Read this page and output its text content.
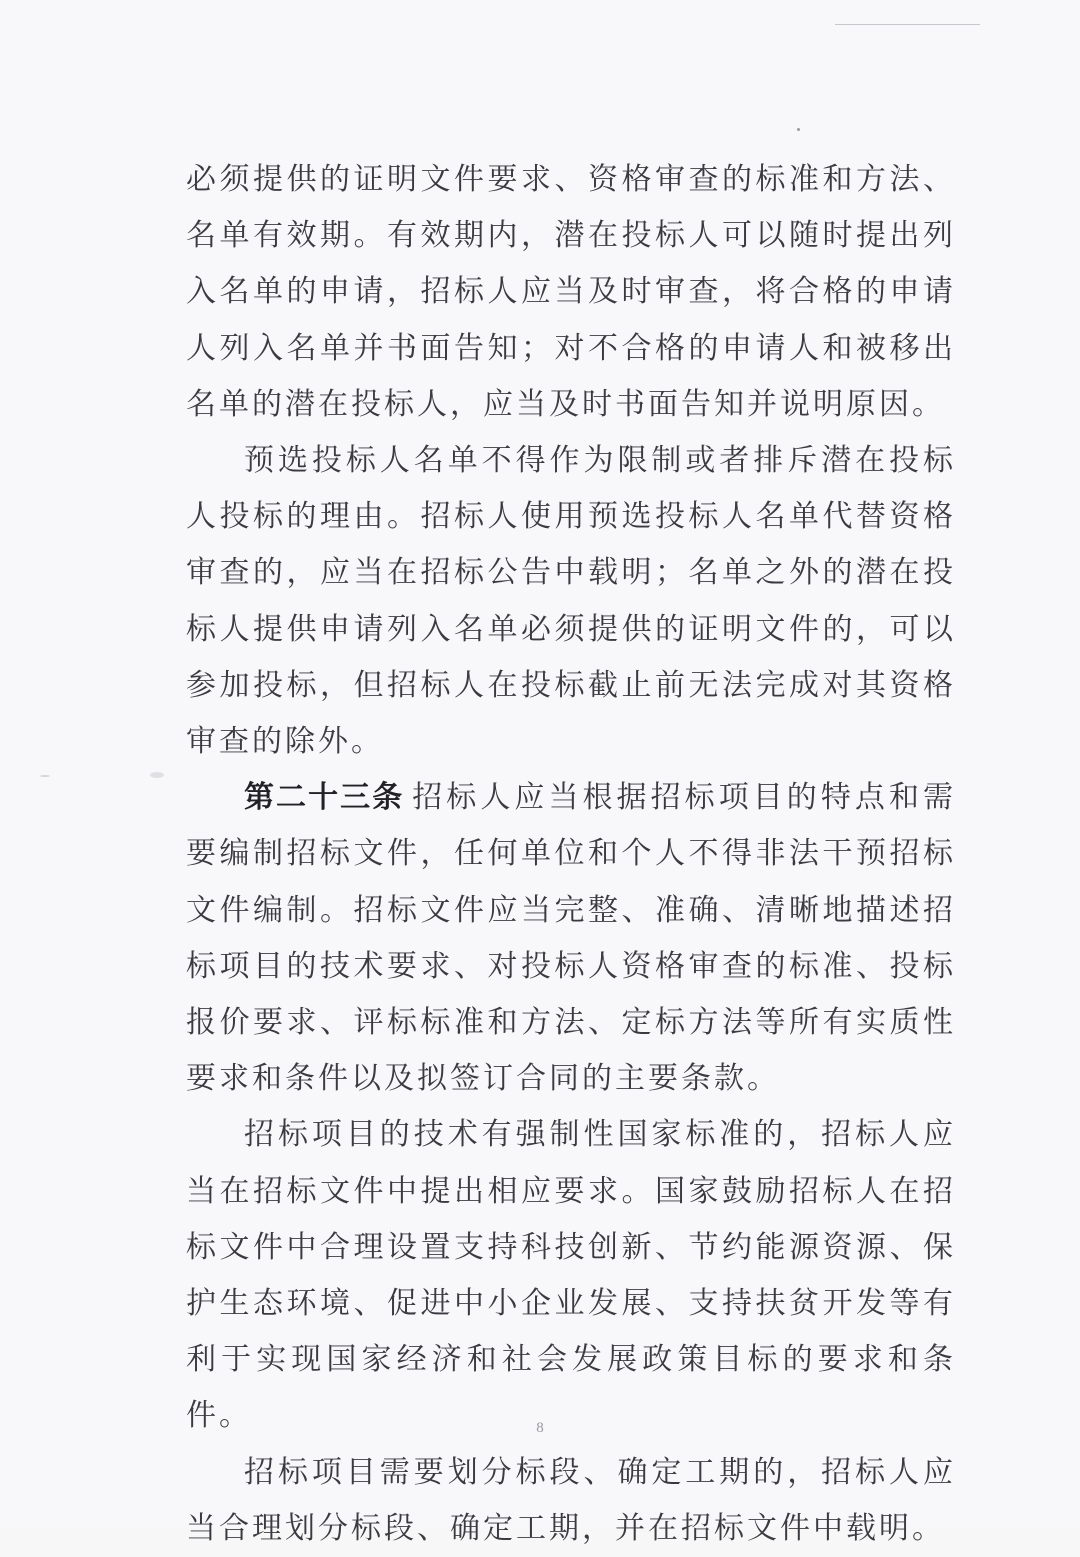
必须提供的证明文件要求、资格审查的标准和方法、名单有效期。有效期内，潜在投标人可以随时提出列入名单的申请，招标人应当及时审查，将合格的申请人列入名单并书面告知；对不合格的申请人和被移出名单的潜在投标人，应当及时书面告知并说明原因。

预选投标人名单不得作为限制或者排斥潜在投标人投标的理由。招标人使用预选投标人名单代替资格审查的，应当在招标公告中载明；名单之外的潜在投标人提供申请列入名单必须提供的证明文件的，可以参加投标，但招标人在投标截止前无法完成对其资格审查的除外。

第二十三条 招标人应当根据招标项目的特点和需要编制招标文件，任何单位和个人不得非法干预招标文件编制。招标文件应当完整、准确、清晰地描述招标项目的技术要求、对投标人资格审查的标准、投标报价要求、评标标准和方法、定标方法等所有实质性要求和条件以及拟签订合同的主要条款。

招标项目的技术有强制性国家标准的，招标人应当在招标文件中提出相应要求。国家鼓励招标人在招标文件中合理设置支持科技创新、节约能源资源、保护生态环境、促进中小企业发展、支持扶贫开发等有利于实现国家经济和社会发展政策目标的要求和条件。

招标项目需要划分标段、确定工期的，招标人应当合理划分标段、确定工期，并在招标文件中载明。

8
